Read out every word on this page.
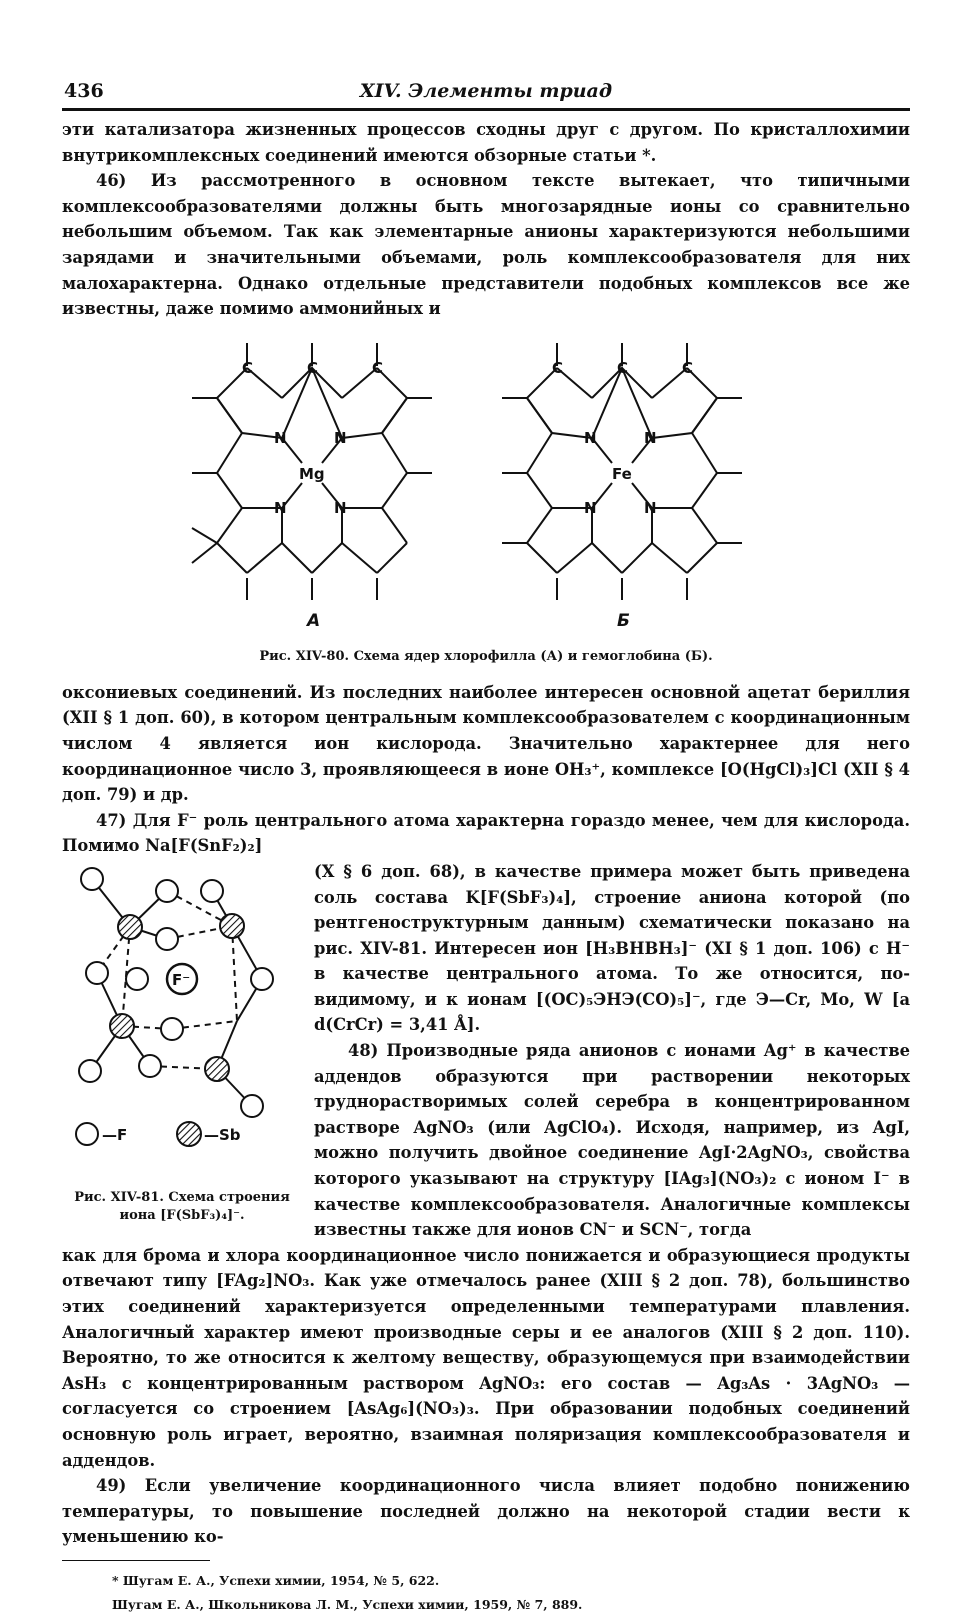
436	XIV. Элементы триад

эти катализатора жизненных процессов сходны друг с другом. По кристаллохимии внутрикомплексных соединений имеются обзорные статьи *.

46) Из рассмотренного в основном тексте вытекает, что типичными комплексообразователями должны быть многозарядные ионы со сравнительно небольшим объемом. Так как элементарные анионы характеризуются небольшими зарядами и значительными объемами, роль комплексообразователя для них малохарактерна. Однако отдельные представители подобных комплексов все же известны, даже помимо аммонийных и

C	C	C
N	N
N	N
Mg
А
C	C	C
N	N
N	N
Fe
Б
Рис. XIV-80. Схема ядер хлорофилла (А) и гемоглобина (Б).

оксониевых соединений. Из последних наиболее интересен основной ацетат бериллия (XII § 1 доп. 60), в котором центральным комплексообразователем с координационным числом 4 является ион кислорода. Значительно характернее для него координационное число 3, проявляющееся в ионе OH₃⁺, комплексе [O(HgCl)₃]Cl (XII § 4 доп. 79) и др.

47) Для F⁻ роль центрального атома характерна гораздо менее, чем для кислорода. Помимо Na[F(SnF₂)₂]

F⁻
—F	—Sb
Рис. XIV-81. Схема строения иона [F(SbF₃)₄]⁻.

(X § 6 доп. 68), в качестве примера может быть приведена соль состава K[F(SbF₃)₄], строение аниона которой (по рентгеноструктурным данным) схематически показано на рис. XIV-81. Интересен ион [H₃BHBH₃]⁻ (XI § 1 доп. 106) с H⁻ в качестве центрального атома. То же относится, по-видимому, и к ионам [(OC)₅ЭНЭ(CO)₅]⁻, где Э—Cr, Mo, W [a d(CrCr) = 3,41 Å].

48) Производные ряда анионов с ионами Ag⁺ в качестве аддендов образуются при растворении некоторых труднорастворимых солей серебра в концентрированном растворе AgNO₃ (или AgClO₄). Исходя, например, из AgI, можно получить двойное соединение AgI·2AgNO₃, свойства которого указывают на структуру [IAg₃](NO₃)₂ с ионом I⁻ в качестве комплексообразователя. Аналогичные комплексы известны также для ионов CN⁻ и SCN⁻, тогда

как для брома и хлора координационное число понижается и образующиеся продукты отвечают типу [FAg₂]NO₃. Как уже отмечалось ранее (XIII § 2 доп. 78), большинство этих соединений характеризуется определенными температурами плавления. Аналогичный характер имеют производные серы и ее аналогов (XIII § 2 доп. 110). Вероятно, то же относится к желтому веществу, образующемуся при взаимодействии AsH₃ с концентрированным раствором AgNO₃: его состав — Ag₃As · 3AgNO₃ — согласуется со строением [AsAg₆](NO₃)₃. При образовании подобных соединений основную роль играет, вероятно, взаимная поляризация комплексообразователя и аддендов.

49) Если увеличение координационного числа влияет подобно понижению температуры, то повышение последней должно на некоторой стадии вести к уменьшению ко-

* Шугам Е. А., Успехи химии, 1954, № 5, 622.
Шугам Е. А., Школьникова Л. М., Успехи химии, 1959, № 7, 889.
